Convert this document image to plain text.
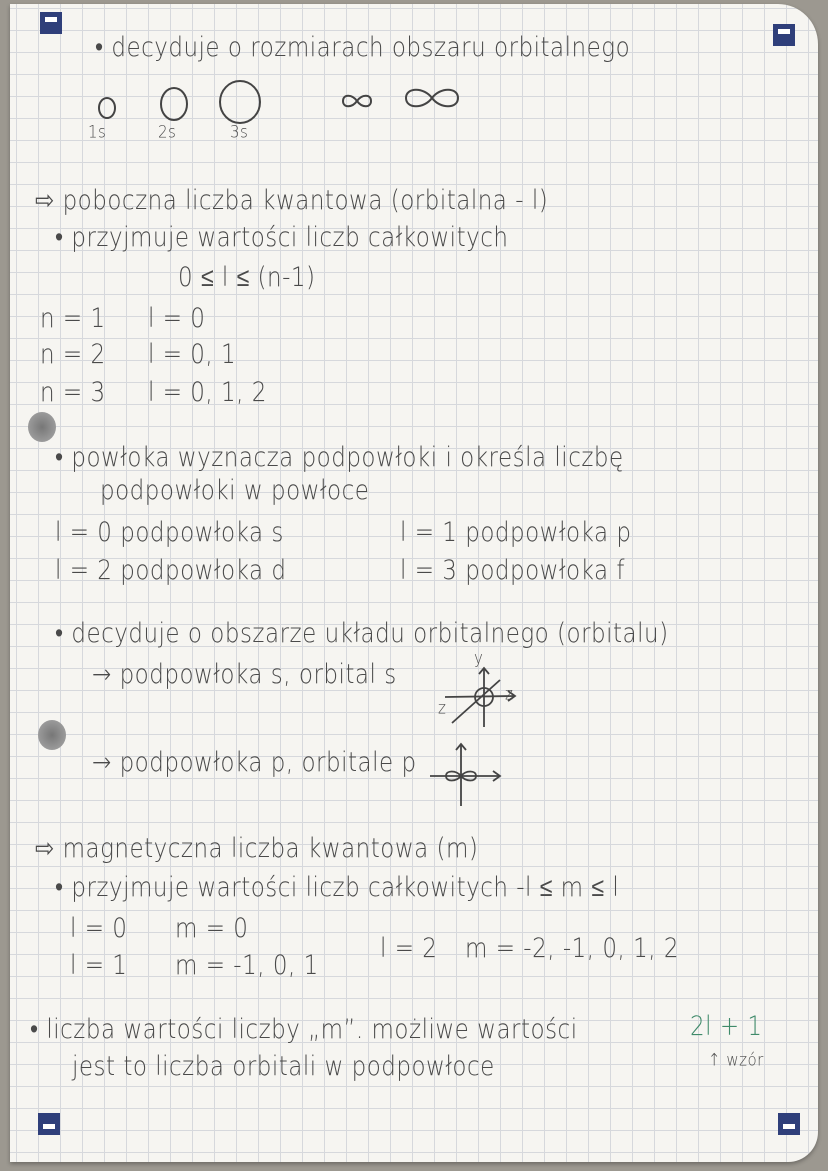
• decyduje o rozmiarach obszaru orbitalnego
1s	2s	3s
⇨ poboczna liczba kwantowa (orbitalna - l)
• przyjmuje wartości liczb całkowitych
0 ≤ l ≤ (n-1)
n = 1 l = 0
n = 2 l = 0, 1
n = 3 l = 0, 1, 2
• powłoka wyznacza podpowłoki i określa liczbę
podpowłoki w powłoce
l = 0 podpowłoka s	l = 1 podpowłoka p
l = 2 podpowłoka d	l = 3 podpowłoka f
• decyduje o obszarze układu orbitalnego (orbitalu)
→ podpowłoka s, orbital s
→ podpowłoka p, orbitale p
y
z
z
⇨ magnetyczna liczba kwantowa (m)
• przyjmuje wartości liczb całkowitych -l ≤ m ≤ l
l = 0 m = 0
l = 1 m = -1, 0, 1
l = 2 m = -2, -1, 0, 1, 2
• liczba wartości liczby „m”. możliwe wartości	2l + 1
↑ wzór
jest to liczba orbitali w podpowłoce
